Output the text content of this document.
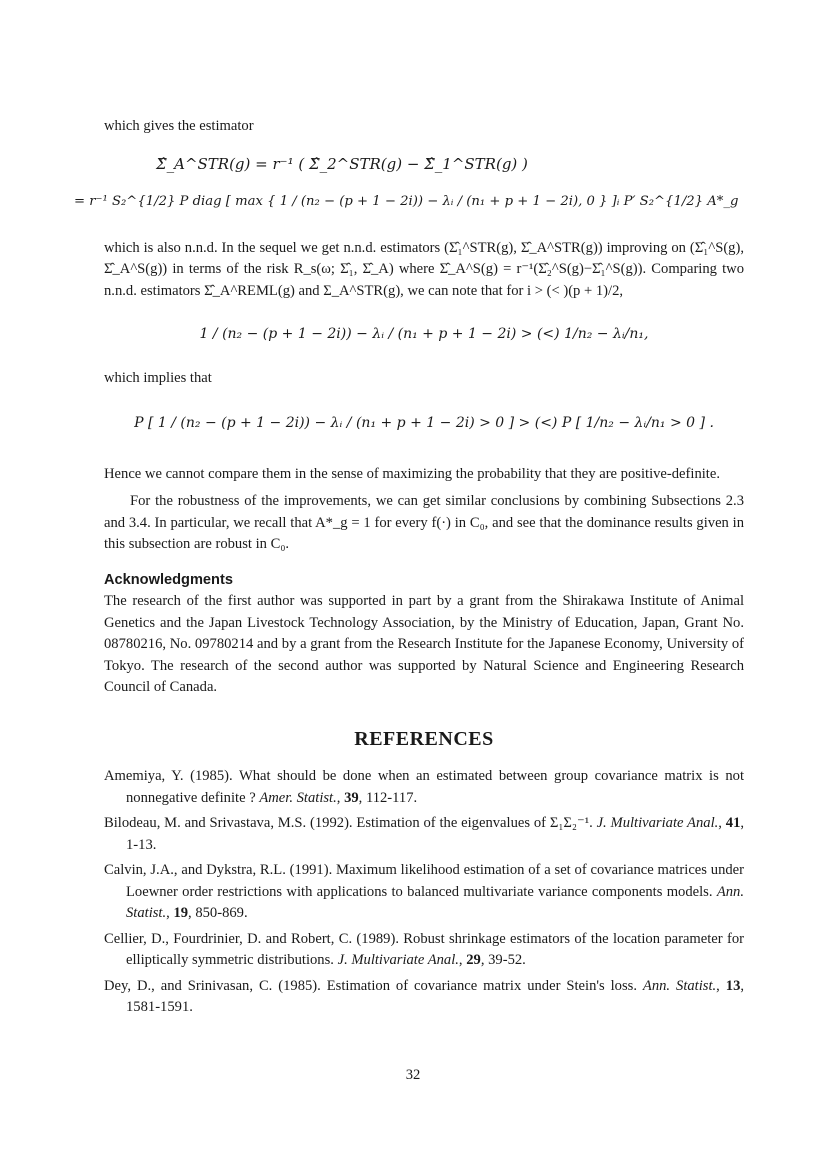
which gives the estimator

Σ̂_A^STR(g) = r⁻¹ ( Σ̂_2^STR(g) − Σ̂_1^STR(g) )
= r⁻¹ S₂^{1/2} P diag [ max { 1 / (n₂ − (p + 1 − 2i)) − λᵢ / (n₁ + p + 1 − 2i), 0 } ]ᵢ P′ S₂^{1/2} A*_g

which is also n.n.d. In the sequel we get n.n.d. estimators (Σ̂₁^STR(g), Σ̂_A^STR(g)) improving on (Σ̂₁^S(g), Σ̂_A^S(g)) in terms of the risk R_s(ω; Σ̂₁, Σ̂_A) where Σ̂_A^S(g) = r⁻¹(Σ̂₂^S(g)−Σ̂₁^S(g)). Comparing two n.n.d. estimators Σ̂_A^REML(g) and Σ_A^STR(g), we can note that for i > (< )(p + 1)/2,

1 / (n₂ − (p + 1 − 2i)) − λᵢ / (n₁ + p + 1 − 2i) > (<) 1/n₂ − λᵢ/n₁,

which implies that

P [ 1 / (n₂ − (p + 1 − 2i)) − λᵢ / (n₁ + p + 1 − 2i) > 0 ] > (<) P [ 1/n₂ − λᵢ/n₁ > 0 ] .

Hence we cannot compare them in the sense of maximizing the probability that they are positive-definite.

For the robustness of the improvements, we can get similar conclusions by combining Subsections 2.3 and 3.4. In particular, we recall that A*_g = 1 for every f(·) in C₀, and see that the dominance results given in this subsection are robust in C₀.

Acknowledgments

The research of the first author was supported in part by a grant from the Shirakawa Institute of Animal Genetics and the Japan Livestock Technology Association, by the Ministry of Education, Japan, Grant No. 08780216, No. 09780214 and by a grant from the Research Institute for the Japanese Economy, University of Tokyo. The research of the second author was supported by Natural Science and Engineering Research Council of Canada.

REFERENCES
Amemiya, Y. (1985). What should be done when an estimated between group covariance matrix is not nonnegative definite ? Amer. Statist., 39, 112-117.
Bilodeau, M. and Srivastava, M.S. (1992). Estimation of the eigenvalues of Σ₁Σ₂⁻¹. J. Multivariate Anal., 41, 1-13.
Calvin, J.A., and Dykstra, R.L. (1991). Maximum likelihood estimation of a set of covariance matrices under Loewner order restrictions with applications to balanced multivariate variance components models. Ann. Statist., 19, 850-869.
Cellier, D., Fourdrinier, D. and Robert, C. (1989). Robust shrinkage estimators of the location parameter for elliptically symmetric distributions. J. Multivariate Anal., 29, 39-52.
Dey, D., and Srinivasan, C. (1985). Estimation of covariance matrix under Stein's loss. Ann. Statist., 13, 1581-1591.
32
